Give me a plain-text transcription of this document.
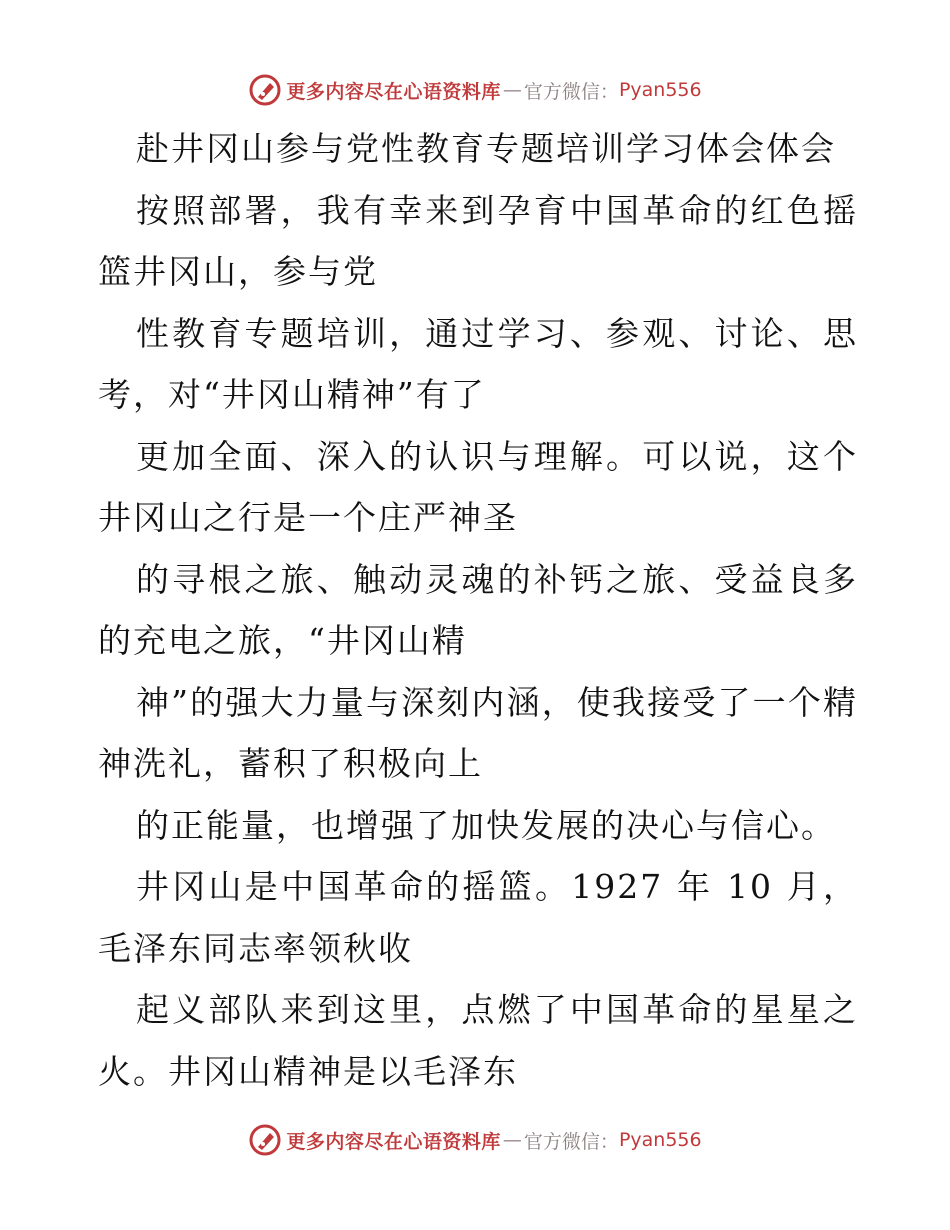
更多内容尽在心语资料库 — 官方微信： Pyan556

赴井冈山参与党性教育专题培训学习体会体会

按照部署，我有幸来到孕育中国革命的红色摇篮井冈山，参与党

性教育专题培训，通过学习、参观、讨论、思考，对“井冈山精神”有了

更加全面、深入的认识与理解。可以说，这个井冈山之行是一个庄严神圣

的寻根之旅、触动灵魂的补钙之旅、受益良多的充电之旅，“井冈山精

神”的强大力量与深刻内涵，使我接受了一个精神洗礼，蓄积了积极向上

的正能量，也增强了加快发展的决心与信心。

井冈山是中国革命的摇篮。1927 年 10 月，毛泽东同志率领秋收

起义部队来到这里，点燃了中国革命的星星之火。井冈山精神是以毛泽东

更多内容尽在心语资料库 — 官方微信： Pyan556
